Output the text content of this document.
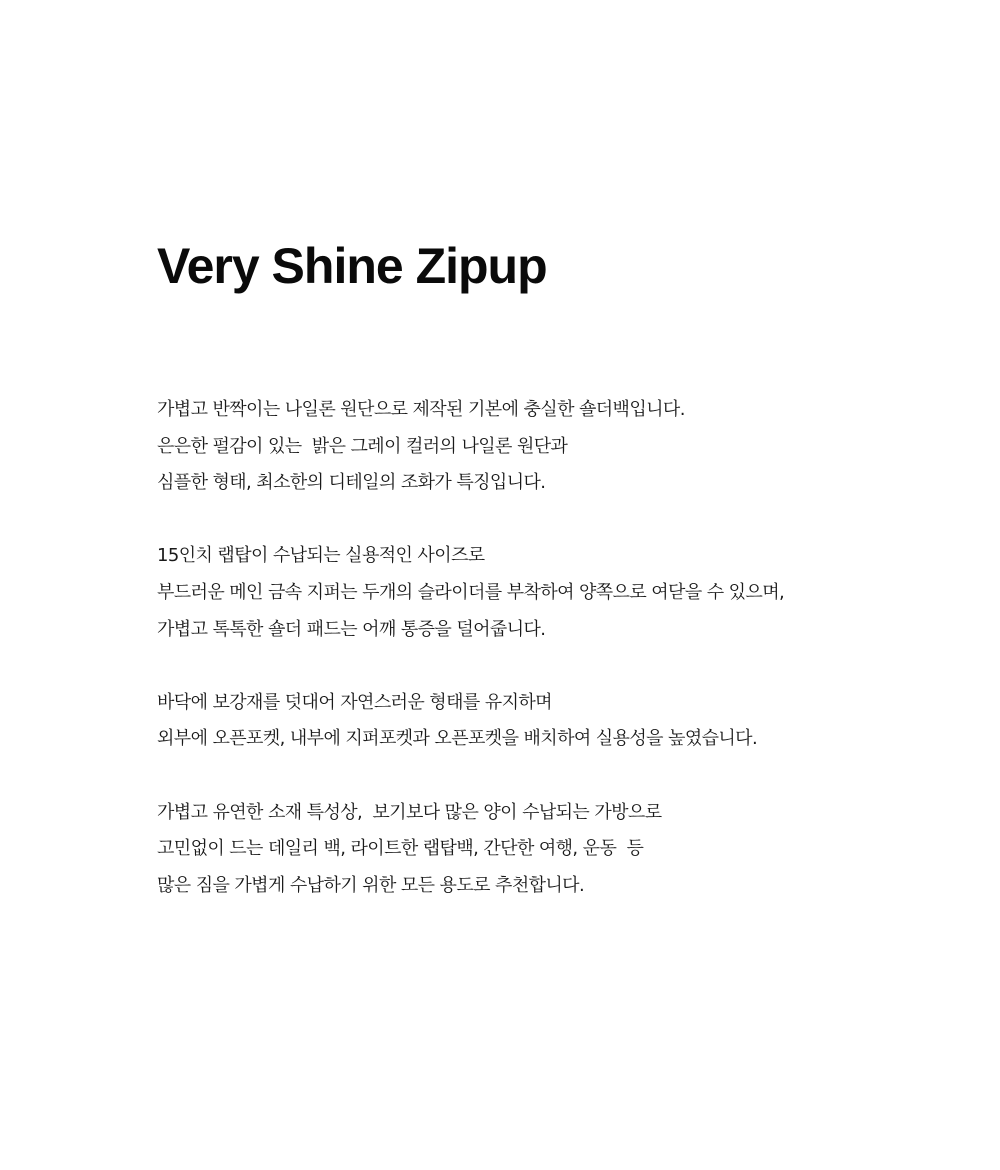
Very Shine Zipup
가볍고 반짝이는 나일론 원단으로 제작된 기본에 충실한 숄더백입니다.
은은한 펄감이 있는  밝은 그레이 컬러의 나일론 원단과
심플한 형태, 최소한의 디테일의 조화가 특징입니다.
15인치 랩탑이 수납되는 실용적인 사이즈로
부드러운 메인 금속 지퍼는 두개의 슬라이더를 부착하여 양쪽으로 여닫을 수 있으며,
가볍고 톡톡한 숄더 패드는 어깨 통증을 덜어줍니다.
바닥에 보강재를 덧대어 자연스러운 형태를 유지하며
외부에 오픈포켓, 내부에 지퍼포켓과 오픈포켓을 배치하여 실용성을 높였습니다.
가볍고 유연한 소재 특성상,  보기보다 많은 양이 수납되는 가방으로
고민없이 드는 데일리 백, 라이트한 랩탑백, 간단한 여행, 운동  등
많은 짐을 가볍게 수납하기 위한 모든 용도로 추천합니다.
